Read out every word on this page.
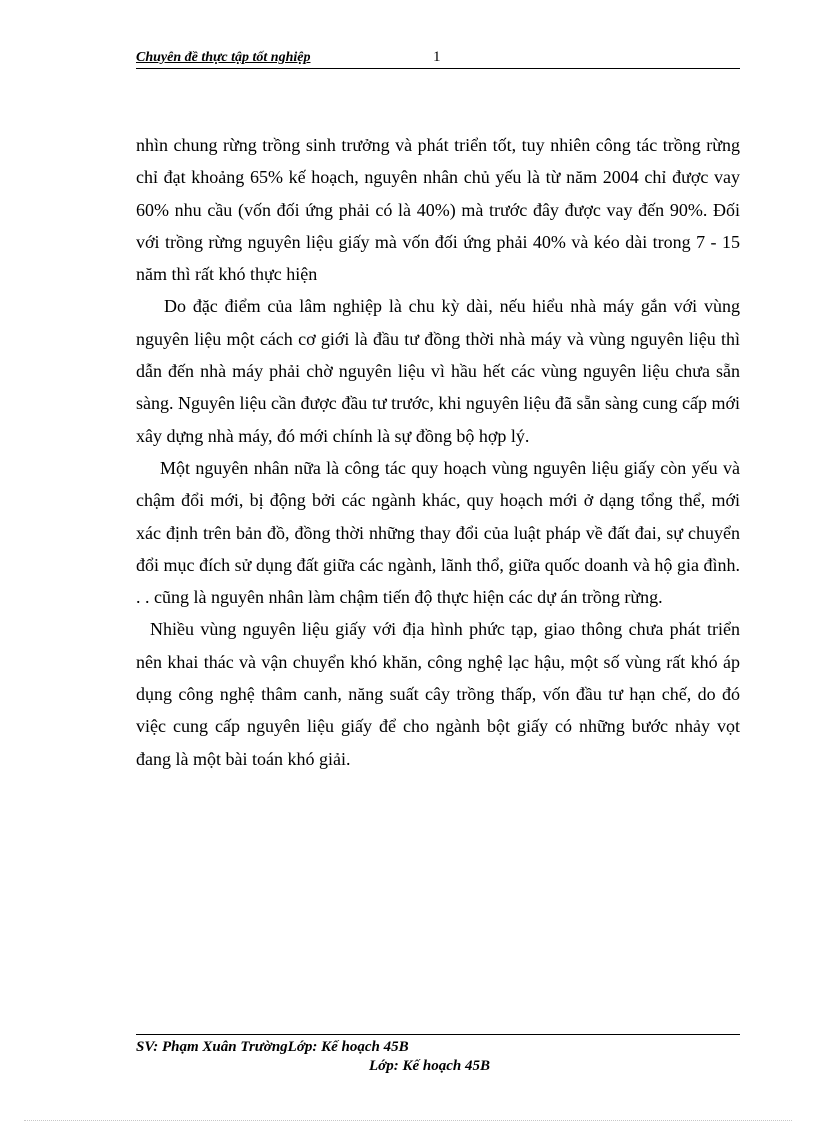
Chuyên đề thực tập tốt nghiệp	1

nhìn chung rừng trồng sinh trưởng và phát triển tốt, tuy nhiên công tác trồng rừng chỉ đạt khoảng 65% kế hoạch, nguyên nhân chủ yếu là từ năm 2004 chỉ được vay 60% nhu cầu (vốn đối ứng phải có là 40%) mà trước đây được vay đến 90%. Đối với trồng rừng nguyên liệu giấy mà vốn đối ứng phải 40% và kéo dài trong 7 - 15 năm thì rất khó thực hiện

Do đặc điểm của lâm nghiệp là chu kỳ dài, nếu hiểu nhà máy gắn với vùng nguyên liệu một cách cơ giới là đầu tư đồng thời nhà máy và vùng nguyên liệu thì dẫn đến nhà máy phải chờ nguyên liệu vì hầu hết các vùng nguyên liệu chưa sẵn sàng. Nguyên liệu cần được đầu tư trước, khi nguyên liệu đã sẵn sàng cung cấp mới xây dựng nhà máy, đó mới chính là sự đồng bộ hợp lý.

Một nguyên nhân nữa là công tác quy hoạch vùng nguyên liệu giấy còn yếu và chậm đổi mới, bị động bởi các ngành khác, quy hoạch mới ở dạng tổng thể, mới xác định trên bản đồ, đồng thời những thay đổi của luật pháp về đất đai, sự chuyển đổi mục đích sử dụng đất giữa các ngành, lãnh thổ, giữa quốc doanh và hộ gia đình. . . cũng là nguyên nhân làm chậm tiến độ thực hiện các dự án trồng rừng.

Nhiều vùng nguyên liệu giấy với địa hình phức tạp, giao thông chưa phát triển nên khai thác và vận chuyển khó khăn, công nghệ lạc hậu, một số vùng rất khó áp dụng công nghệ thâm canh, năng suất cây trồng thấp, vốn đầu tư hạn chế, do đó việc cung cấp nguyên liệu giấy để cho ngành bột giấy có những bước nhảy vọt đang là một bài toán khó giải.

SV: Phạm Xuân TrườngLớp: Kế hoạch 45B
Lớp: Kế hoạch 45B
